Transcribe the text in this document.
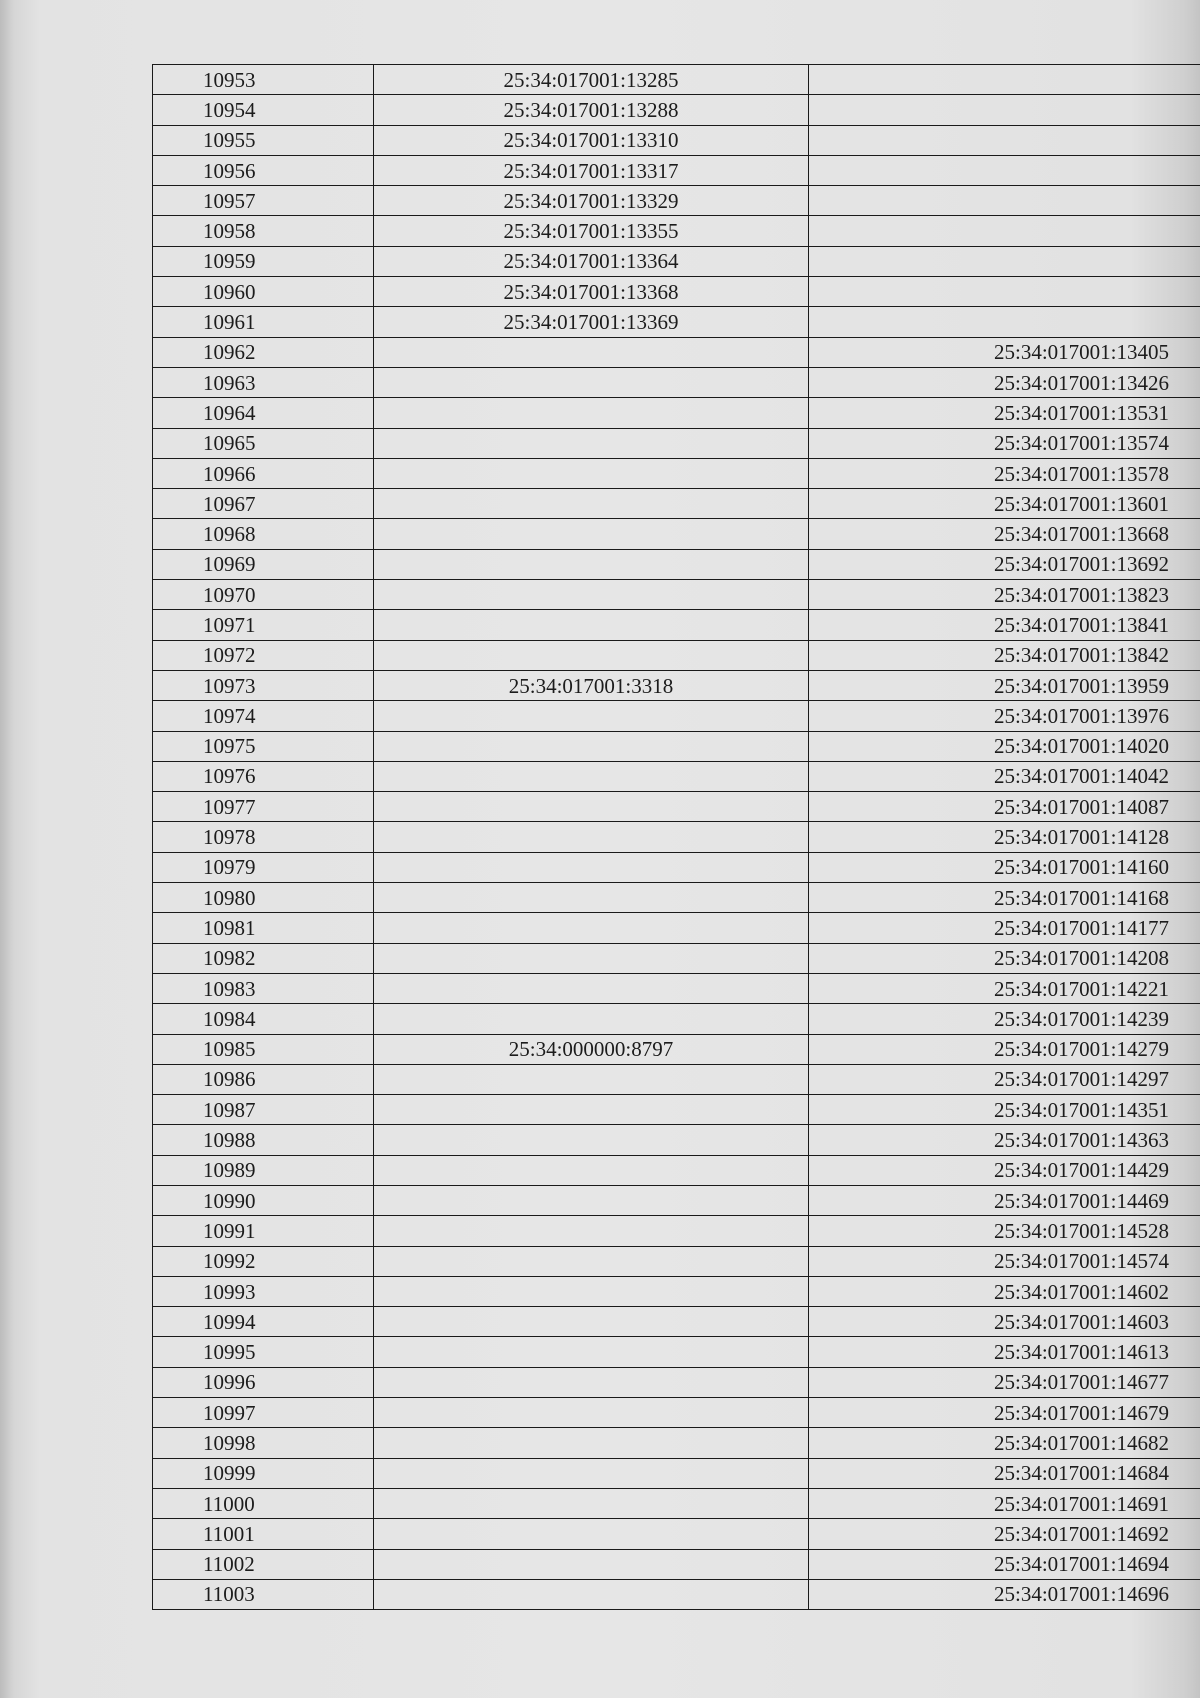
10953	25:34:017001:13285	
10954	25:34:017001:13288	
10955	25:34:017001:13310	
10956	25:34:017001:13317	
10957	25:34:017001:13329	
10958	25:34:017001:13355	
10959	25:34:017001:13364	
10960	25:34:017001:13368	
10961	25:34:017001:13369	
10962		25:34:017001:13405
10963		25:34:017001:13426
10964		25:34:017001:13531
10965		25:34:017001:13574
10966		25:34:017001:13578
10967		25:34:017001:13601
10968		25:34:017001:13668
10969		25:34:017001:13692
10970		25:34:017001:13823
10971		25:34:017001:13841
10972		25:34:017001:13842
10973	25:34:017001:3318	25:34:017001:13959
10974		25:34:017001:13976
10975		25:34:017001:14020
10976		25:34:017001:14042
10977		25:34:017001:14087
10978		25:34:017001:14128
10979		25:34:017001:14160
10980		25:34:017001:14168
10981		25:34:017001:14177
10982		25:34:017001:14208
10983		25:34:017001:14221
10984		25:34:017001:14239
10985	25:34:000000:8797	25:34:017001:14279
10986		25:34:017001:14297
10987		25:34:017001:14351
10988		25:34:017001:14363
10989		25:34:017001:14429
10990		25:34:017001:14469
10991		25:34:017001:14528
10992		25:34:017001:14574
10993		25:34:017001:14602
10994		25:34:017001:14603
10995		25:34:017001:14613
10996		25:34:017001:14677
10997		25:34:017001:14679
10998		25:34:017001:14682
10999		25:34:017001:14684
11000		25:34:017001:14691
11001		25:34:017001:14692
11002		25:34:017001:14694
11003		25:34:017001:14696
